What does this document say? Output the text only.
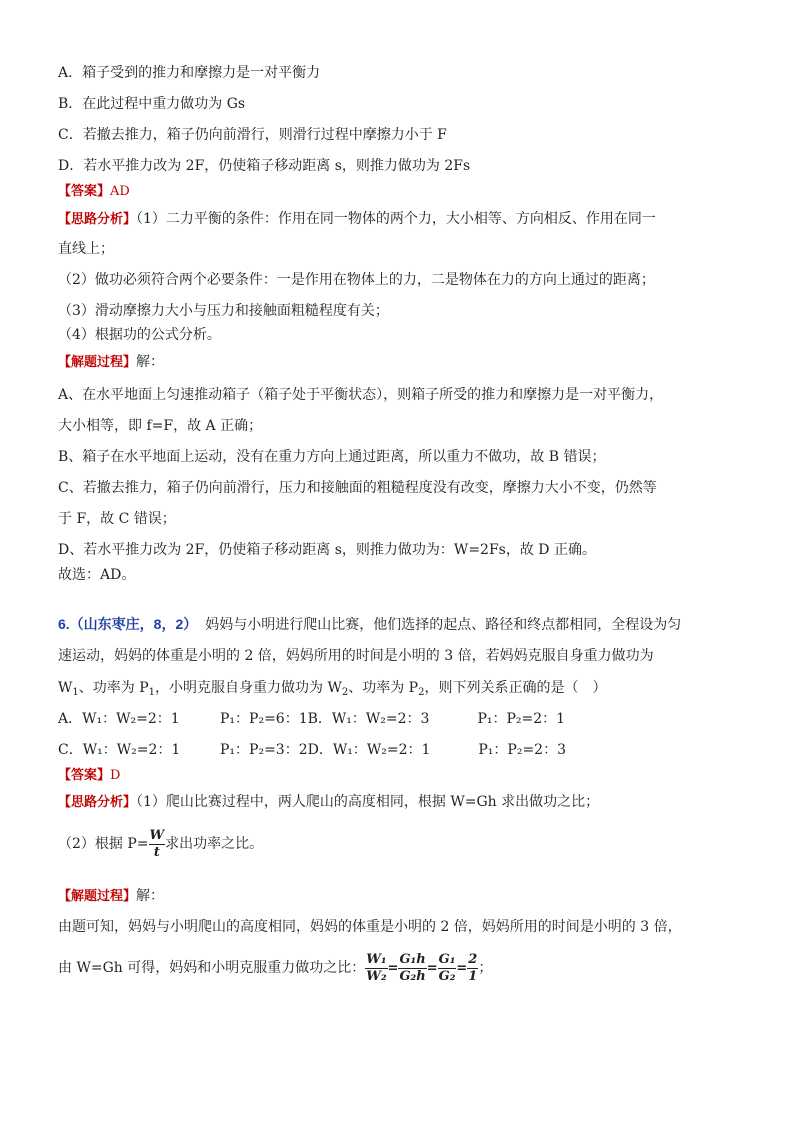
A．箱子受到的推力和摩擦力是一对平衡力
B．在此过程中重力做功为 Gs
C．若撤去推力，箱子仍向前滑行，则滑行过程中摩擦力小于 F
D．若水平推力改为 2F，仍使箱子移动距离 s，则推力做功为 2Fs
【答案】AD
【思路分析】（1）二力平衡的条件：作用在同一物体的两个力，大小相等、方向相反、作用在同一
直线上；
（2）做功必须符合两个必要条件：一是作用在物体上的力，二是物体在力的方向上通过的距离；
（3）滑动摩擦力大小与压力和接触面粗糙程度有关；
（4）根据功的公式分析。
【解题过程】解：
A、在水平地面上匀速推动箱子（箱子处于平衡状态），则箱子所受的推力和摩擦力是一对平衡力，
大小相等，即 f=F，故 A 正确；
B、箱子在水平地面上运动，没有在重力方向上通过距离，所以重力不做功，故 B 错误；
C、若撤去推力，箱子仍向前滑行，压力和接触面的粗糙程度没有改变，摩擦力大小不变，仍然等
于 F，故 C 错误；
D、若水平推力改为 2F，仍使箱子移动距离 s，则推力做功为：W=2Fs，故 D 正确。
故选：AD。
6.（山东枣庄，8，2） 妈妈与小明进行爬山比赛，他们选择的起点、路径和终点都相同，全程设为匀
速运动，妈妈的体重是小明的 2 倍，妈妈所用的时间是小明的 3 倍，若妈妈克服自身重力做功为
$W_1$、功率为 $P_1$，小明克服自身重力做功为 $W_2$、功率为 $P_2$，则下列关系正确的是（　）
A．W₁：W₂=2：1	P₁：P₂=6：1B．W₁：W₂=2：3	P₁：P₂=2：1
C．W₁：W₂=2：1	P₁：P₂=3：2D．W₁：W₂=2：1	P₁：P₂=2：3
【答案】D
【思路分析】（1）爬山比赛过程中，两人爬山的高度相同，根据 W=Gh 求出做功之比；
（2）根据 $P= \frac{W}{t}$ 求出功率之比。
【解题过程】解：
由题可知，妈妈与小明爬山的高度相同，妈妈的体重是小明的 2 倍，妈妈所用的时间是小明的 3 倍，
由 W=Gh 可得，妈妈和小明克服重力做功之比： $\frac{\text{W₁}}{\text{W₂}} = \frac{\text{G₁h}}{\text{G₂h}} = \frac{\text{G₁}}{\text{G₂}} = \frac{2}{1}$ ；
